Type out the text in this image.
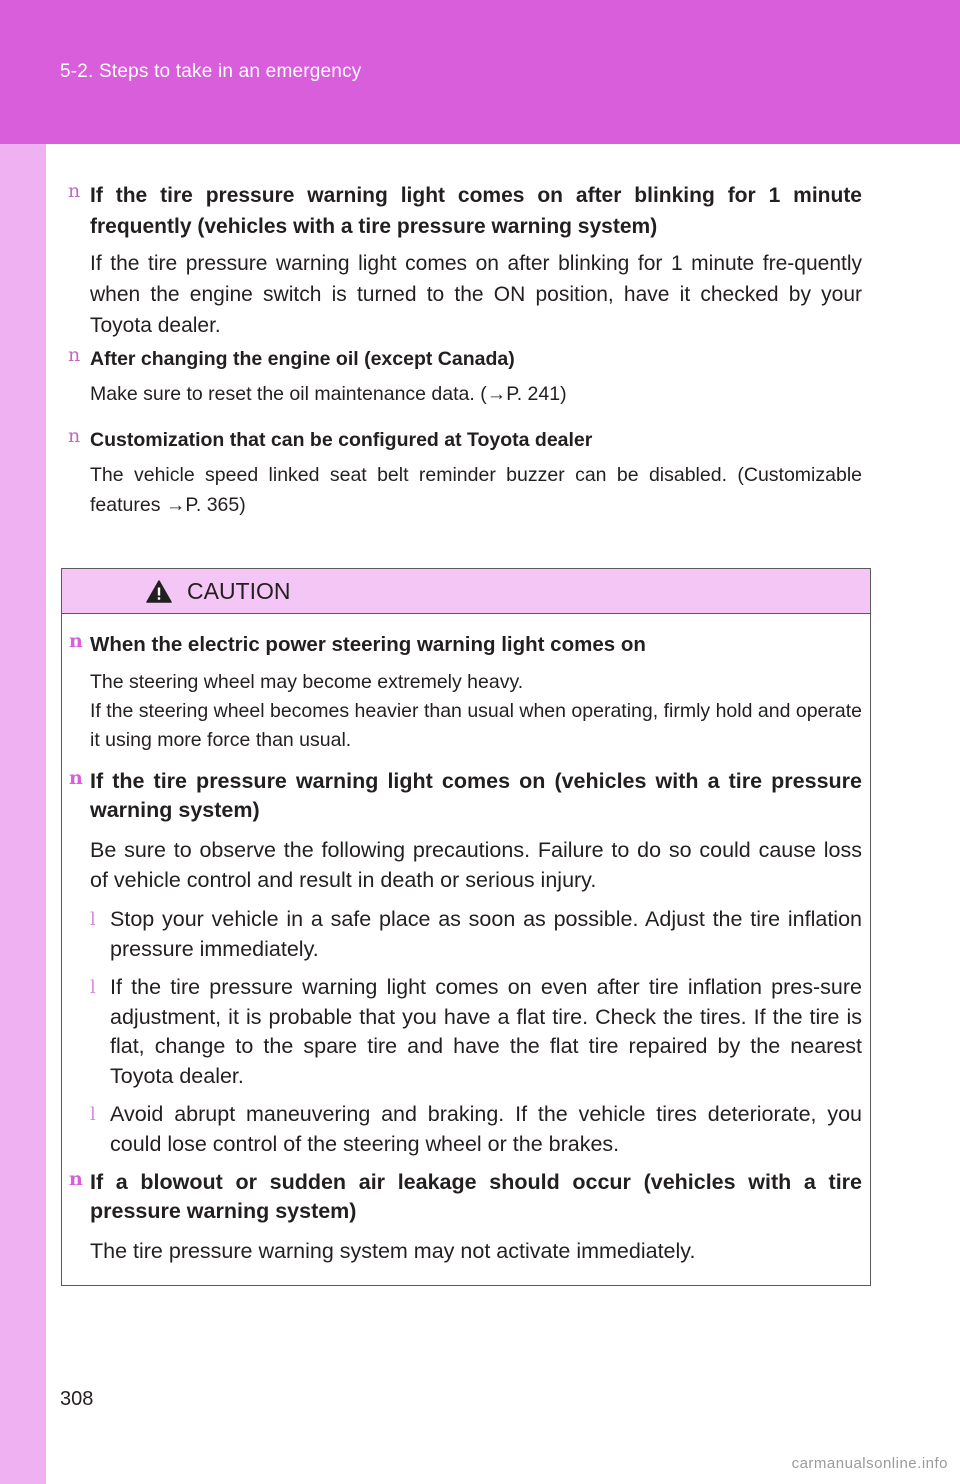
5-2. Steps to take in an emergency
n If the tire pressure warning light comes on after blinking for 1 minute frequently (vehicles with a tire pressure warning system)
If the tire pressure warning light comes on after blinking for 1 minute fre-quently when the engine switch is turned to the ON position, have it checked by your Toyota dealer.
n After changing the engine oil (except Canada)
Make sure to reset the oil maintenance data. (→P. 241)
n Customization that can be configured at Toyota dealer
The vehicle speed linked seat belt reminder buzzer can be disabled. (Customizable features →P. 365)
CAUTION
n When the electric power steering warning light comes on
The steering wheel may become extremely heavy.
If the steering wheel becomes heavier than usual when operating, firmly hold and operate it using more force than usual.
n If the tire pressure warning light comes on (vehicles with a tire pressure warning system)
Be sure to observe the following precautions. Failure to do so could cause loss of vehicle control and result in death or serious injury.
l Stop your vehicle in a safe place as soon as possible. Adjust the tire inflation pressure immediately.
l If the tire pressure warning light comes on even after tire inflation pres-sure adjustment, it is probable that you have a flat tire. Check the tires. If the tire is flat, change to the spare tire and have the flat tire repaired by the nearest Toyota dealer.
l Avoid abrupt maneuvering and braking. If the vehicle tires deteriorate, you could lose control of the steering wheel or the brakes.
n If a blowout or sudden air leakage should occur (vehicles with a tire pressure warning system)
The tire pressure warning system may not activate immediately.
308
carmanualsonline.info
